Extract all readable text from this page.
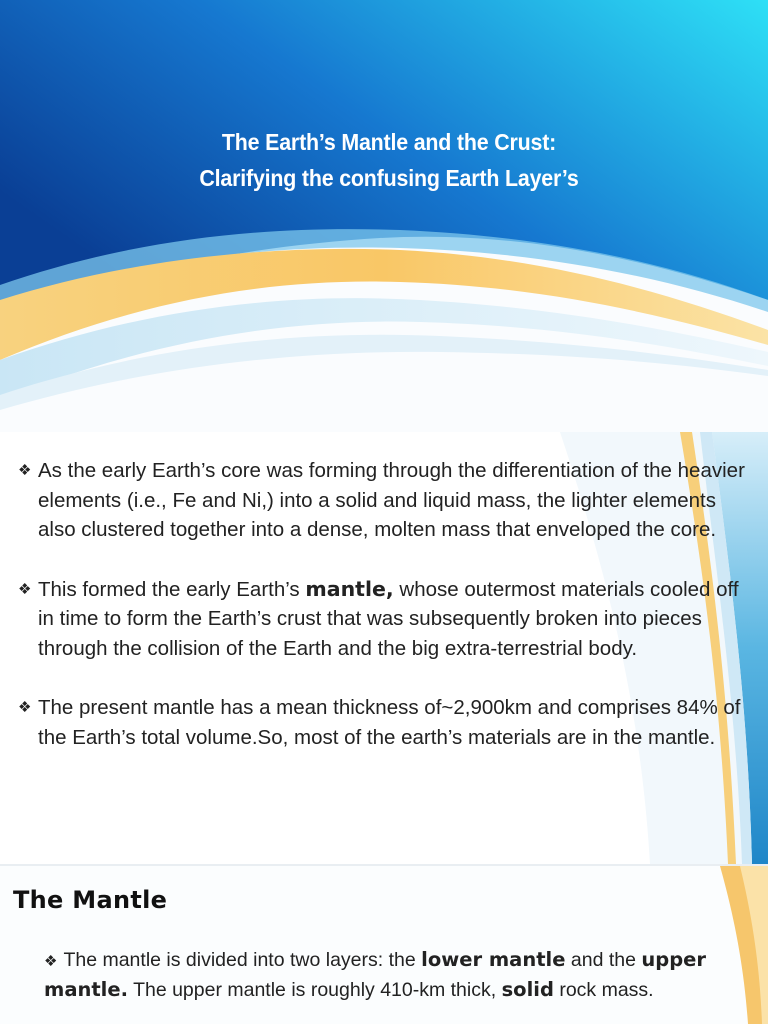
The Earth’s Mantle and the Crust:
Clarifying the confusing Earth Layer’s
❖ As the early Earth’s core was forming through the differentiation of the heavier elements (i.e., Fe and Ni,) into a solid and liquid mass, the lighter elements also clustered together into a dense, molten mass that enveloped the core.
❖ This formed the early Earth’s mantle, whose outermost materials cooled off in time to form the Earth’s crust that was subsequently broken into pieces through the collision of the Earth and the big extra-terrestrial body.
❖ The present mantle has a mean thickness of~2,900km and comprises 84% of the Earth’s total volume.So, most of the earth’s materials are in the mantle.
The Mantle
❖ The mantle is divided into two layers: the lower mantle and the upper mantle. The upper mantle is roughly 410-km thick, solid rock mass.
